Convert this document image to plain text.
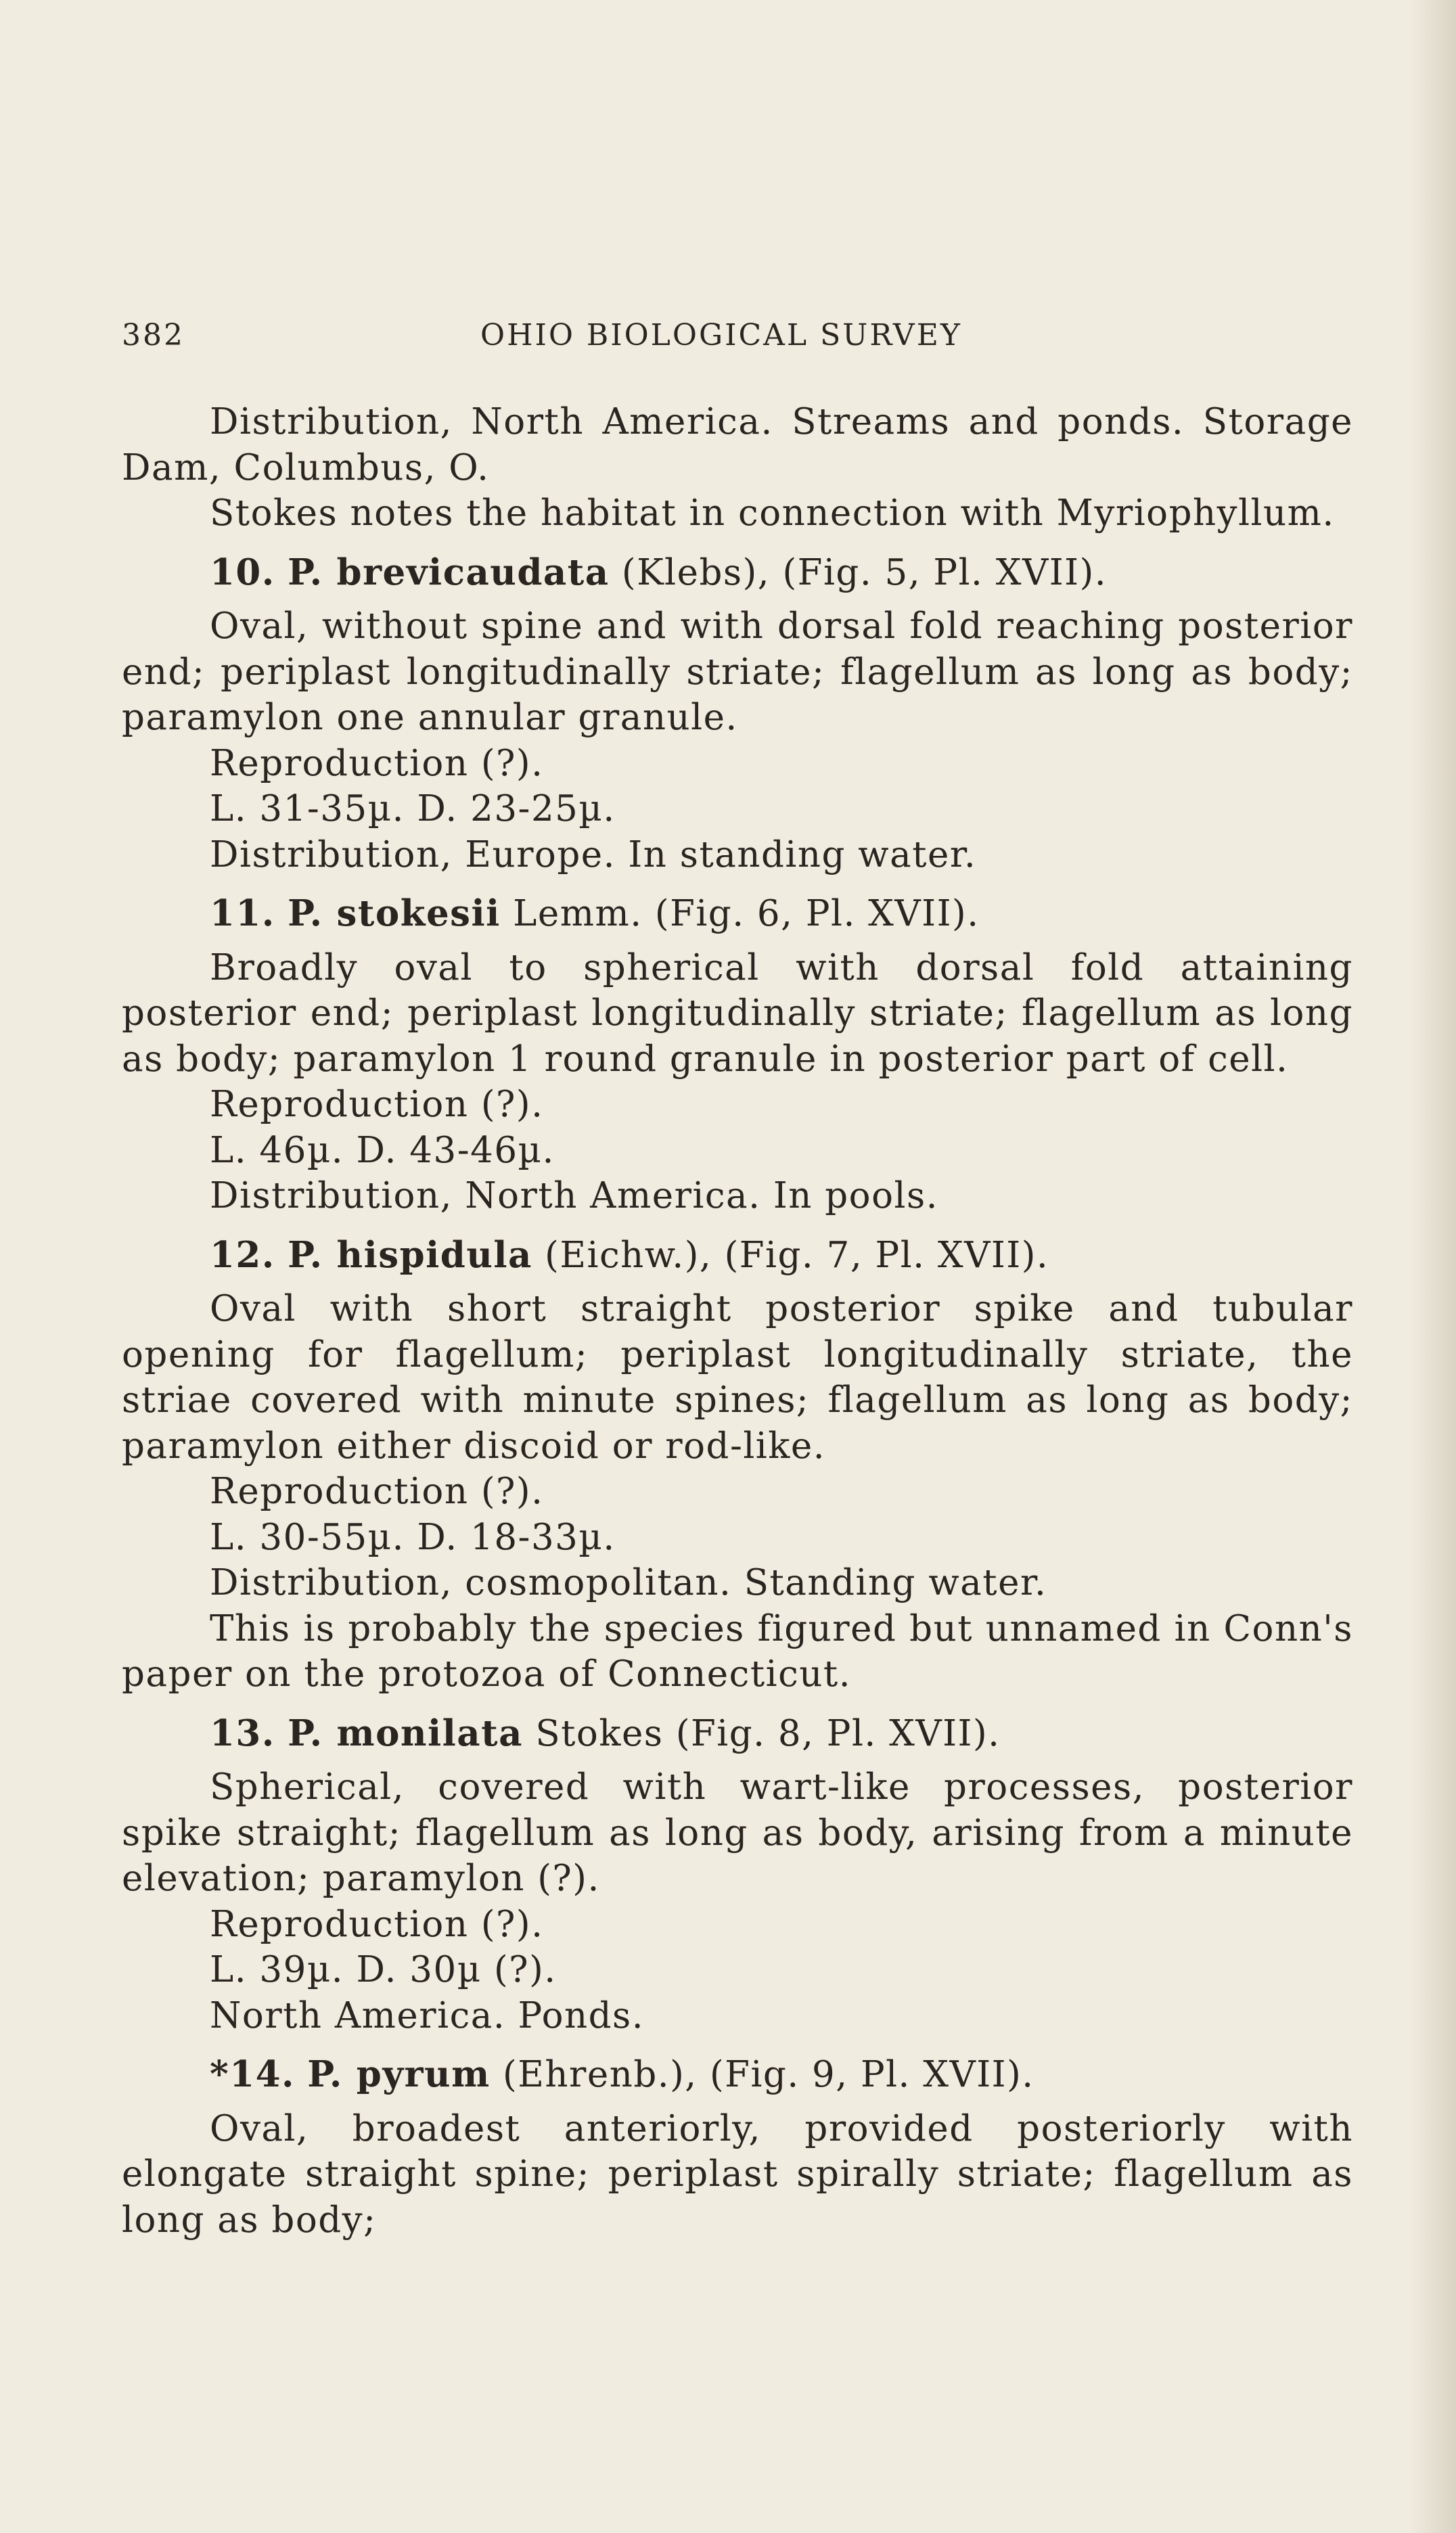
382	OHIO BIOLOGICAL SURVEY

Distribution, North America. Streams and ponds. Storage Dam, Columbus, O.

Stokes notes the habitat in connection with Myriophyllum.

10. P. brevicaudata (Klebs), (Fig. 5, Pl. XVII).

Oval, without spine and with dorsal fold reaching posterior end; periplast longitudinally striate; flagellum as long as body; paramylon one annular granule.

Reproduction (?).

L. 31-35µ. D. 23-25µ.

Distribution, Europe. In standing water.

11. P. stokesii Lemm. (Fig. 6, Pl. XVII).

Broadly oval to spherical with dorsal fold attaining posterior end; periplast longitudinally striate; flagellum as long as body; paramylon 1 round granule in posterior part of cell.

Reproduction (?).

L. 46µ. D. 43-46µ.

Distribution, North America. In pools.

12. P. hispidula (Eichw.), (Fig. 7, Pl. XVII).

Oval with short straight posterior spike and tubular opening for flagellum; periplast longitudinally striate, the striae covered with minute spines; flagellum as long as body; paramylon either discoid or rod-like.

Reproduction (?).

L. 30-55µ. D. 18-33µ.

Distribution, cosmopolitan. Standing water.

This is probably the species figured but unnamed in Conn's paper on the protozoa of Connecticut.

13. P. monilata Stokes (Fig. 8, Pl. XVII).

Spherical, covered with wart-like processes, posterior spike straight; flagellum as long as body, arising from a minute elevation; paramylon (?).

Reproduction (?).

L. 39µ. D. 30µ (?).

North America. Ponds.

*14. P. pyrum (Ehrenb.), (Fig. 9, Pl. XVII).

Oval, broadest anteriorly, provided posteriorly with elongate straight spine; periplast spirally striate; flagellum as long as body;
